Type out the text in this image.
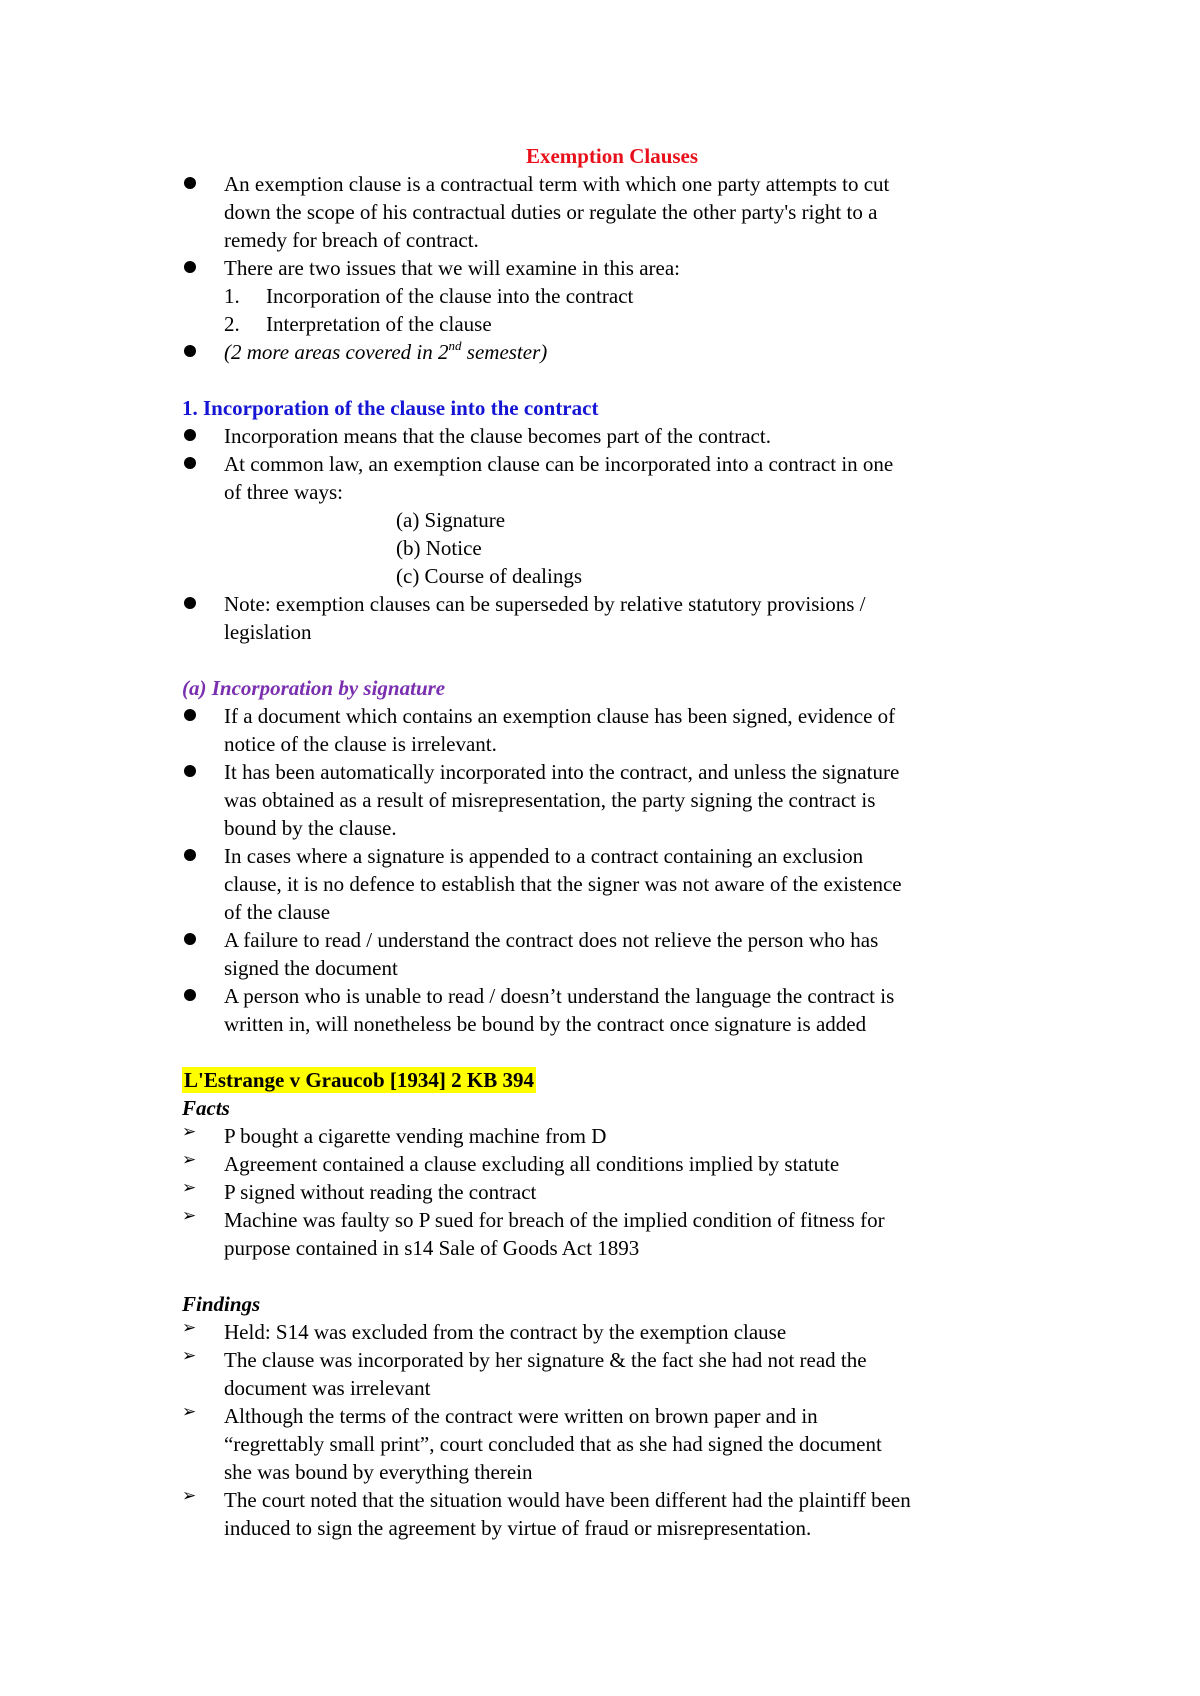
Exemption Clauses
An exemption clause is a contractual term with which one party attempts to cut
down the scope of his contractual duties or regulate the other party's right to a
remedy for breach of contract.
There are two issues that we will examine in this area:
1. Incorporation of the clause into the contract
2. Interpretation of the clause
(2 more areas covered in 2nd semester)
1. Incorporation of the clause into the contract
Incorporation means that the clause becomes part of the contract.
At common law, an exemption clause can be incorporated into a contract in one
of three ways:
(a) Signature
(b) Notice
(c) Course of dealings
Note: exemption clauses can be superseded by relative statutory provisions /
legislation
(a) Incorporation by signature
If a document which contains an exemption clause has been signed, evidence of
notice of the clause is irrelevant.
It has been automatically incorporated into the contract, and unless the signature
was obtained as a result of misrepresentation, the party signing the contract is
bound by the clause.
In cases where a signature is appended to a contract containing an exclusion
clause, it is no defence to establish that the signer was not aware of the existence
of the clause
A failure to read / understand the contract does not relieve the person who has
signed the document
A person who is unable to read / doesn’t understand the language the contract is
written in, will nonetheless be bound by the contract once signature is added
L'Estrange v Graucob [1934] 2 KB 394
Facts
➢ P bought a cigarette vending machine from D
➢ Agreement contained a clause excluding all conditions implied by statute
➢ P signed without reading the contract
➢ Machine was faulty so P sued for breach of the implied condition of fitness for
purpose contained in s14 Sale of Goods Act 1893
Findings
➢ Held: S14 was excluded from the contract by the exemption clause
➢ The clause was incorporated by her signature & the fact she had not read the
document was irrelevant
➢ Although the terms of the contract were written on brown paper and in
“regrettably small print”, court concluded that as she had signed the document
she was bound by everything therein
➢ The court noted that the situation would have been different had the plaintiff been
induced to sign the agreement by virtue of fraud or misrepresentation.
